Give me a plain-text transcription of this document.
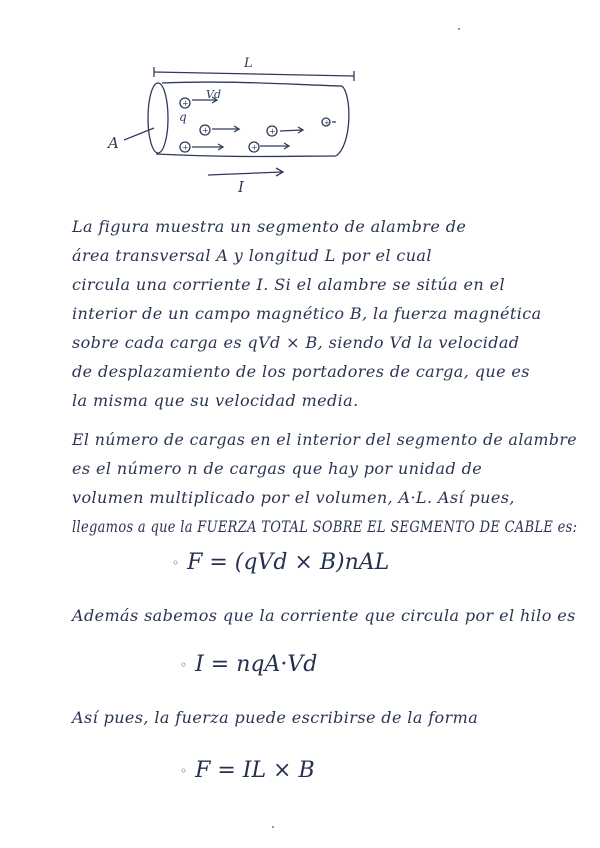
+
+	+
+	+
+
L
A
Vd
q
I
La figura muestra un segmento de alambre de
área transversal A y longitud L por el cual
circula una corriente I. Si el alambre se sitúa en el
interior de un campo magnético B, la fuerza magnética
sobre cada carga es qVd × B, siendo Vd la velocidad
de desplazamiento de los portadores de carga, que es
la misma que su velocidad media.
El número de cargas en el interior del segmento de alambre
es el número n de cargas que hay por unidad de
volumen multiplicado por el volumen, A·L. Así pues,
llegamos a que la FUERZA TOTAL SOBRE EL SEGMENTO DE CABLE es:
◦ F = (qVd × B)nAL
Además sabemos que la corriente que circula por el hilo es
◦ I = nqA·Vd
Así pues, la fuerza puede escribirse de la forma
◦ F = IL × B
